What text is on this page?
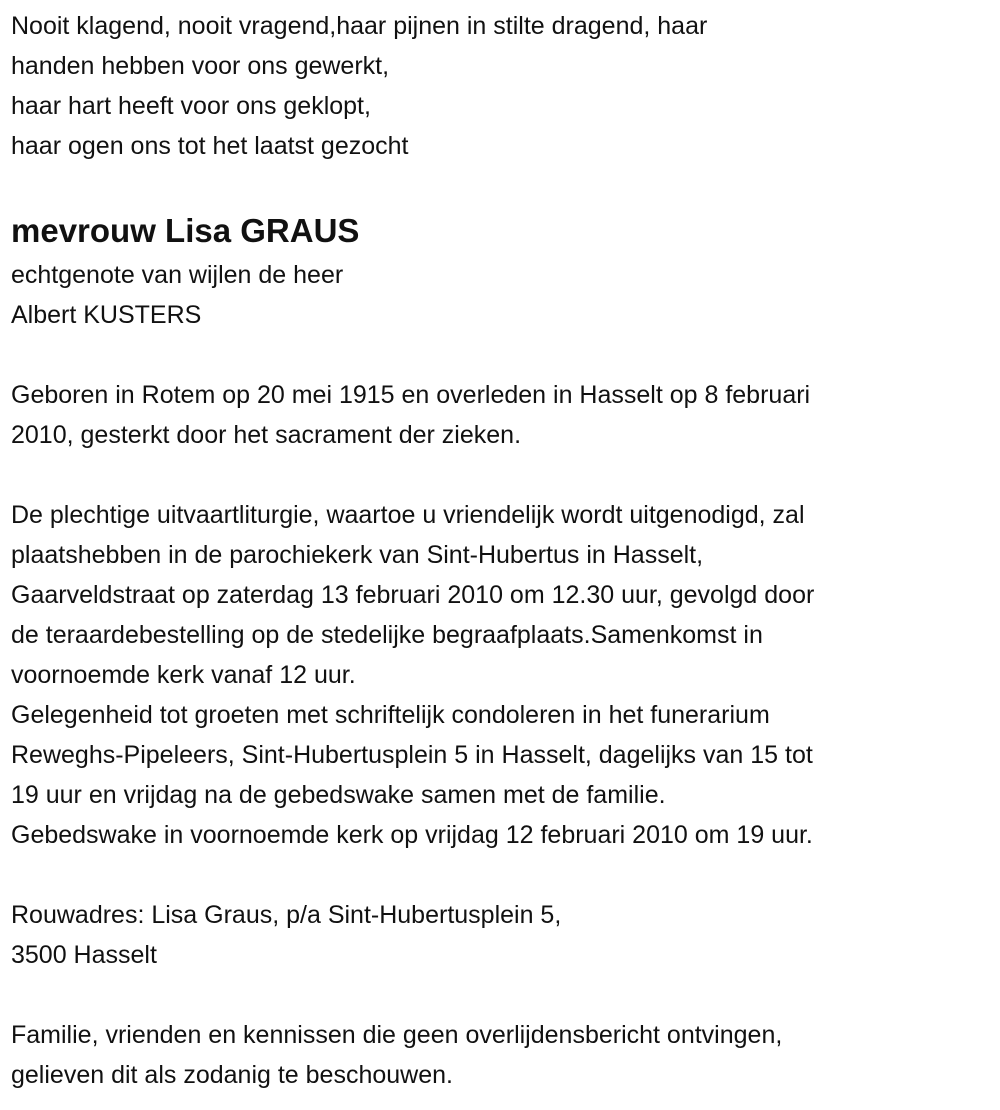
Nooit klagend, nooit vragend,haar pijnen in stilte dragend, haar
handen hebben voor ons gewerkt,
haar hart heeft voor ons geklopt,
haar ogen ons tot het laatst gezocht
mevrouw Lisa GRAUS
echtgenote van wijlen de heer
Albert KUSTERS
Geboren in Rotem op 20 mei 1915 en overleden in Hasselt op 8 februari
2010, gesterkt door het sacrament der zieken.
De plechtige uitvaartliturgie, waartoe u vriendelijk wordt uitgenodigd, zal
plaatshebben in de parochiekerk van Sint-Hubertus in Hasselt,
Gaarveldstraat op zaterdag 13 februari 2010 om 12.30 uur, gevolgd door
de teraardebestelling op de stedelijke begraafplaats.Samenkomst in
voornoemde kerk vanaf 12 uur.
Gelegenheid tot groeten met schriftelijk condoleren in het funerarium
Reweghs-Pipeleers, Sint-Hubertusplein 5 in Hasselt, dagelijks van 15 tot
19 uur en vrijdag na de gebedswake samen met de familie.
Gebedswake in voornoemde kerk op vrijdag 12 februari 2010 om 19 uur.
Rouwadres: Lisa Graus, p/a Sint-Hubertusplein 5,
3500 Hasselt
Familie, vrienden en kennissen die geen overlijdensbericht ontvingen,
gelieven dit als zodanig te beschouwen.
